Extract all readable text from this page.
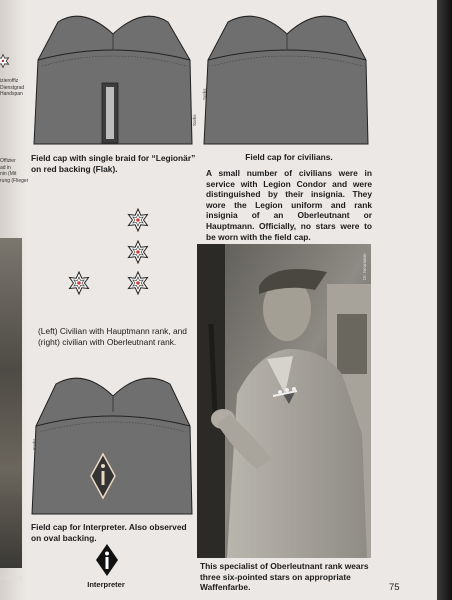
izieroffiz
Dienstgrad
Handspan
Offizier
ad in
nin (Mit
rung (Flieger
(Left) Legi
Sorks
Sorks
Field cap with single braid for “Legionär” on red backing (Flak).
Field cap for civilians.
A small number of civilians were in service with Legion Condor and were distinguished by their insignia. They wore the Legion uniform and rank insignia of an Oberleutnant or Hauptmann. Officially, no stars were to be worn with the field cap.
(Left) Civilian with Hauptmann rank, and (right) civilian with Oberleutnant rank.
Sorks
Field cap for Interpreter. Also observed on oval backing.
Interpreter
Dr. Neumann
This specialist of Oberleutnant rank wears three six-pointed stars on appropriate Waffenfarbe.	75
